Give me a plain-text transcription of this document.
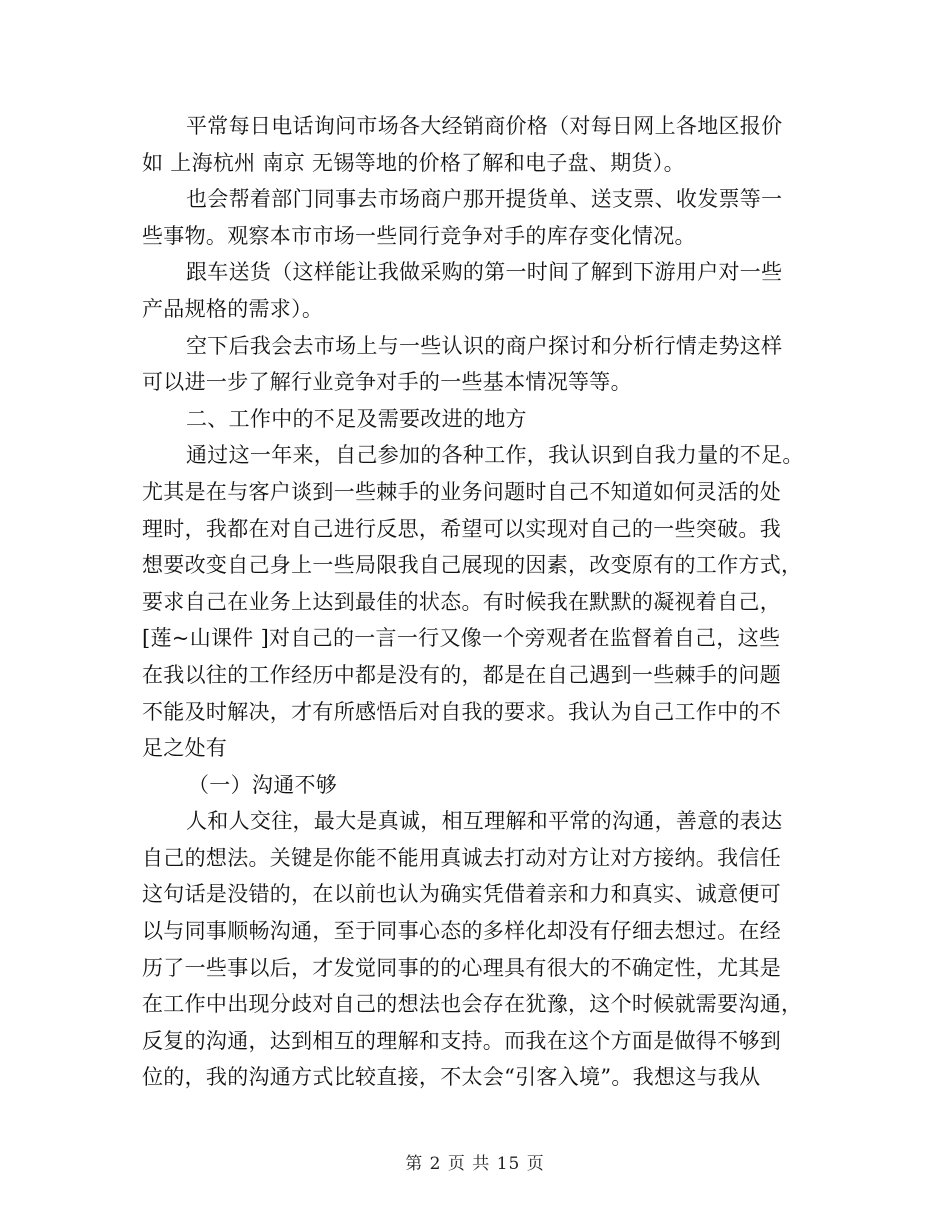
平常每日电话询问市场各大经销商价格（对每日网上各地区报价
如 上海杭州 南京 无锡等地的价格了解和电子盘、期货）。
也会帮着部门同事去市场商户那开提货单、送支票、收发票等一
些事物。观察本市市场一些同行竞争对手的库存变化情况。
跟车送货（这样能让我做采购的第一时间了解到下游用户对一些
产品规格的需求）。
空下后我会去市场上与一些认识的商户探讨和分析行情走势这样
可以进一步了解行业竞争对手的一些基本情况等等。
二、工作中的不足及需要改进的地方
通过这一年来，自己参加的各种工作，我认识到自我力量的不足。
尤其是在与客户谈到一些棘手的业务问题时自己不知道如何灵活的处
理时，我都在对自己进行反思，希望可以实现对自己的一些突破。我
想要改变自己身上一些局限我自己展现的因素，改变原有的工作方式，
要求自己在业务上达到最佳的状态。有时候我在默默的凝视着自己，
[莲~山课件 ]对自己的一言一行又像一个旁观者在监督着自己，这些
在我以往的工作经历中都是没有的，都是在自己遇到一些棘手的问题
不能及时解决，才有所感悟后对自我的要求。我认为自己工作中的不
足之处有
（一）沟通不够
人和人交往，最大是真诚，相互理解和平常的沟通，善意的表达
自己的想法。关键是你能不能用真诚去打动对方让对方接纳。我信任
这句话是没错的，在以前也认为确实凭借着亲和力和真实、诚意便可
以与同事顺畅沟通，至于同事心态的多样化却没有仔细去想过。在经
历了一些事以后，才发觉同事的的心理具有很大的不确定性，尤其是
在工作中出现分歧对自己的想法也会存在犹豫，这个时候就需要沟通，
反复的沟通，达到相互的理解和支持。而我在这个方面是做得不够到
位的，我的沟通方式比较直接，不太会“引客入境”。我想这与我从
第 2 页 共 15 页
